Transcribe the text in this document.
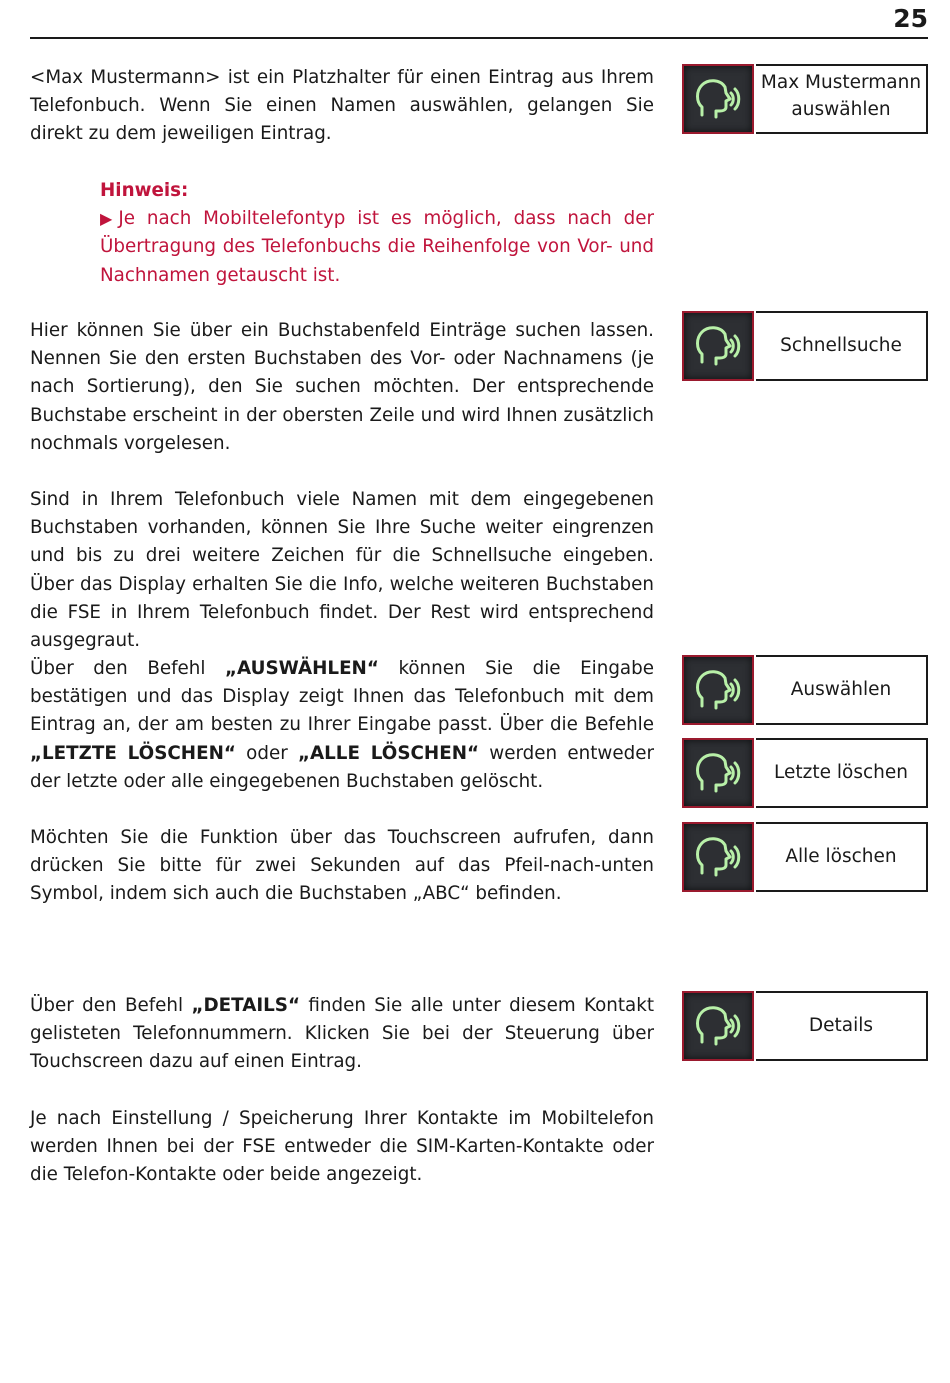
25

<Max Mustermann> ist ein Platzhalter für einen Eintrag aus Ihrem Telefonbuch. Wenn Sie einen Namen auswählen, gelangen Sie direkt zu dem jeweiligen Eintrag.

Hinweis:
▶Je nach Mobiltelefontyp ist es möglich, dass nach der Übertragung des Telefonbuchs die Reihenfolge von Vor- und Nachnamen getauscht ist.

Hier können Sie über ein Buchstabenfeld Einträge suchen lassen. Nennen Sie den ersten Buchstaben des Vor- oder Nachnamens (je nach Sortierung), den Sie suchen möchten. Der entsprechende Buchstabe erscheint in der obersten Zeile und wird Ihnen zusätzlich nochmals vorgelesen.

Sind in Ihrem Telefonbuch viele Namen mit dem eingegebenen Buchstaben vorhanden, können Sie Ihre Suche weiter eingrenzen und bis zu drei weitere Zeichen für die Schnellsuche eingeben. Über das Display erhalten Sie die Info, welche weiteren Buchstaben die FSE in Ihrem Telefonbuch findet. Der Rest wird entsprechend ausgegraut.

Über den Befehl „AUSWÄHLEN“ können Sie die Eingabe bestätigen und das Display zeigt Ihnen das Telefonbuch mit dem Eintrag an, der am besten zu Ihrer Eingabe passt. Über die Befehle „LETZTE LÖSCHEN“ oder „ALLE LÖSCHEN“ werden entweder der letzte oder alle eingegebenen Buchstaben gelöscht.

Möchten Sie die Funktion über das Touchscreen aufrufen, dann drücken Sie bitte für zwei Sekunden auf das Pfeil-nach-unten Symbol, indem sich auch die Buchstaben „ABC“ befinden.

Über den Befehl „DETAILS“ finden Sie alle unter diesem Kontakt gelisteten Telefonnummern. Klicken Sie bei der Steuerung über Touchscreen dazu auf einen Eintrag.

Je nach Einstellung / Speicherung Ihrer Kontakte im Mobiltelefon werden Ihnen bei der FSE entweder die SIM-Karten-Kontakte oder die Telefon-Kontakte oder beide angezeigt.

Max Mustermann auswählen
Schnellsuche
Auswählen
Letzte löschen
Alle löschen
Details
